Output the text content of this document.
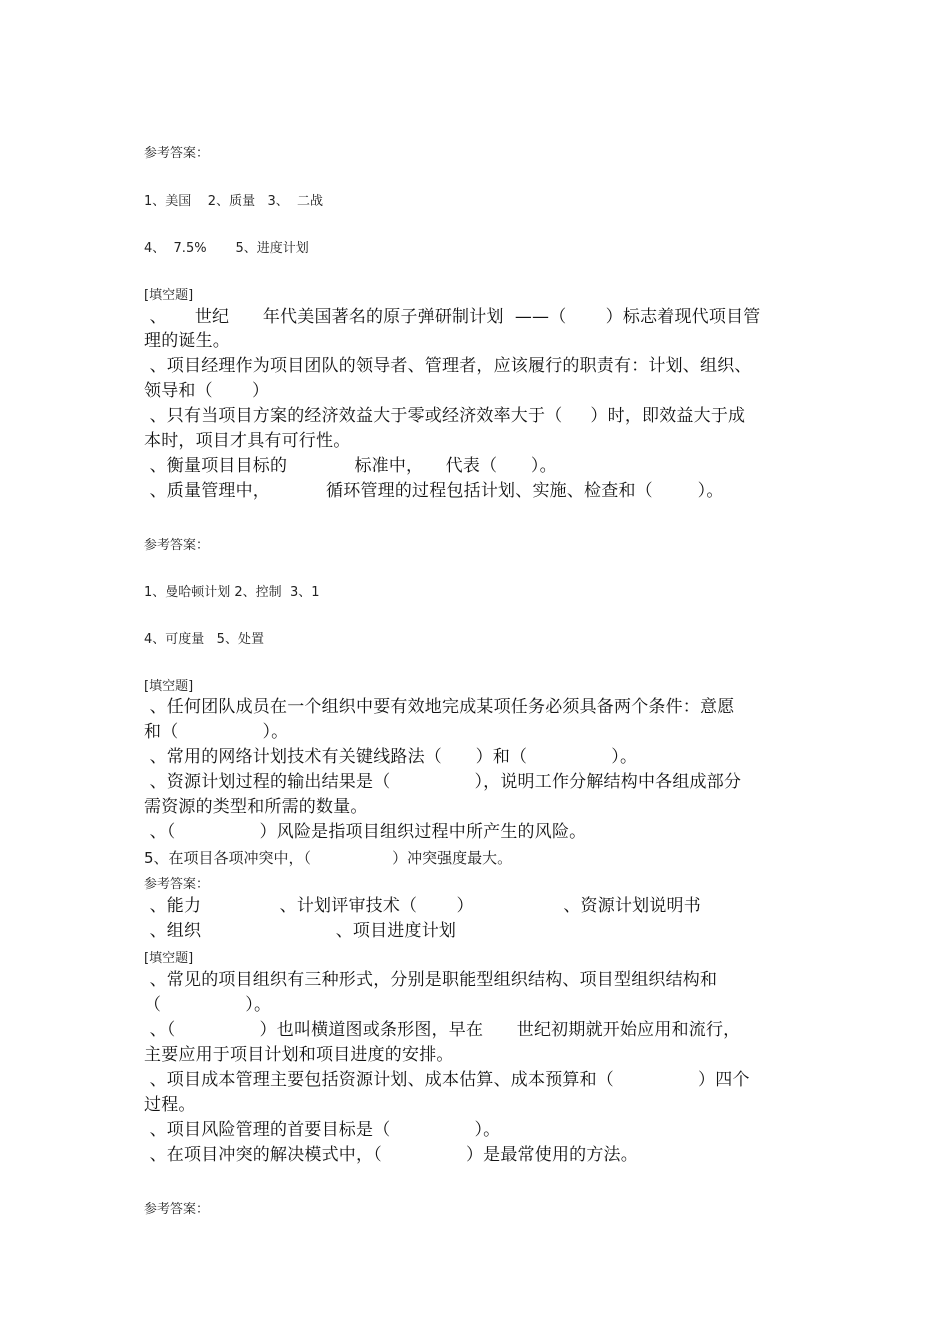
参考答案：
1、美国    2、质量   3、  二战
4、  7.5%       5、进度计划
[填空题]
、     世纪      年代美国著名的原子弹研制计划  ——（       ）标志着现代项目管
理的诞生。
、项目经理作为项目团队的领导者、管理者，应该履行的职责有：计划、组织、
领导和（       ）
、只有当项目方案的经济效益大于零或经济效率大于（     ）时，即效益大于成
本时，项目才具有可行性。
、衡量项目目标的            标准中，    代表（      ）。
、质量管理中，          循环管理的过程包括计划、实施、检查和（        ）。
参考答案：
1、曼哈顿计划 2、控制  3、1
4、可度量   5、处置
[填空题]
、任何团队成员在一个组织中要有效地完成某项任务必须具备两个条件：意愿
和（               ）。
、常用的网络计划技术有关键线路法（      ）和（               ）。
、资源计划过程的输出结果是（               ），说明工作分解结构中各组成部分
需资源的类型和所需的数量。
、（               ）风险是指项目组织过程中所产生的风险。
5、在项目各项冲突中，（                 ）冲突强度最大。
参考答案：
、能力              、计划评审技术（       ）                、资源计划说明书
、组织                        、项目进度计划
[填空题]
、常见的项目组织有三种形式，分别是职能型组织结构、项目型组织结构和
（               ）。
、（               ）也叫横道图或条形图，早在      世纪初期就开始应用和流行，
主要应用于项目计划和项目进度的安排。
、项目成本管理主要包括资源计划、成本估算、成本预算和（               ）四个
过程。
、项目风险管理的首要目标是（               ）。
、在项目冲突的解决模式中，（               ）是最常使用的方法。
参考答案：
